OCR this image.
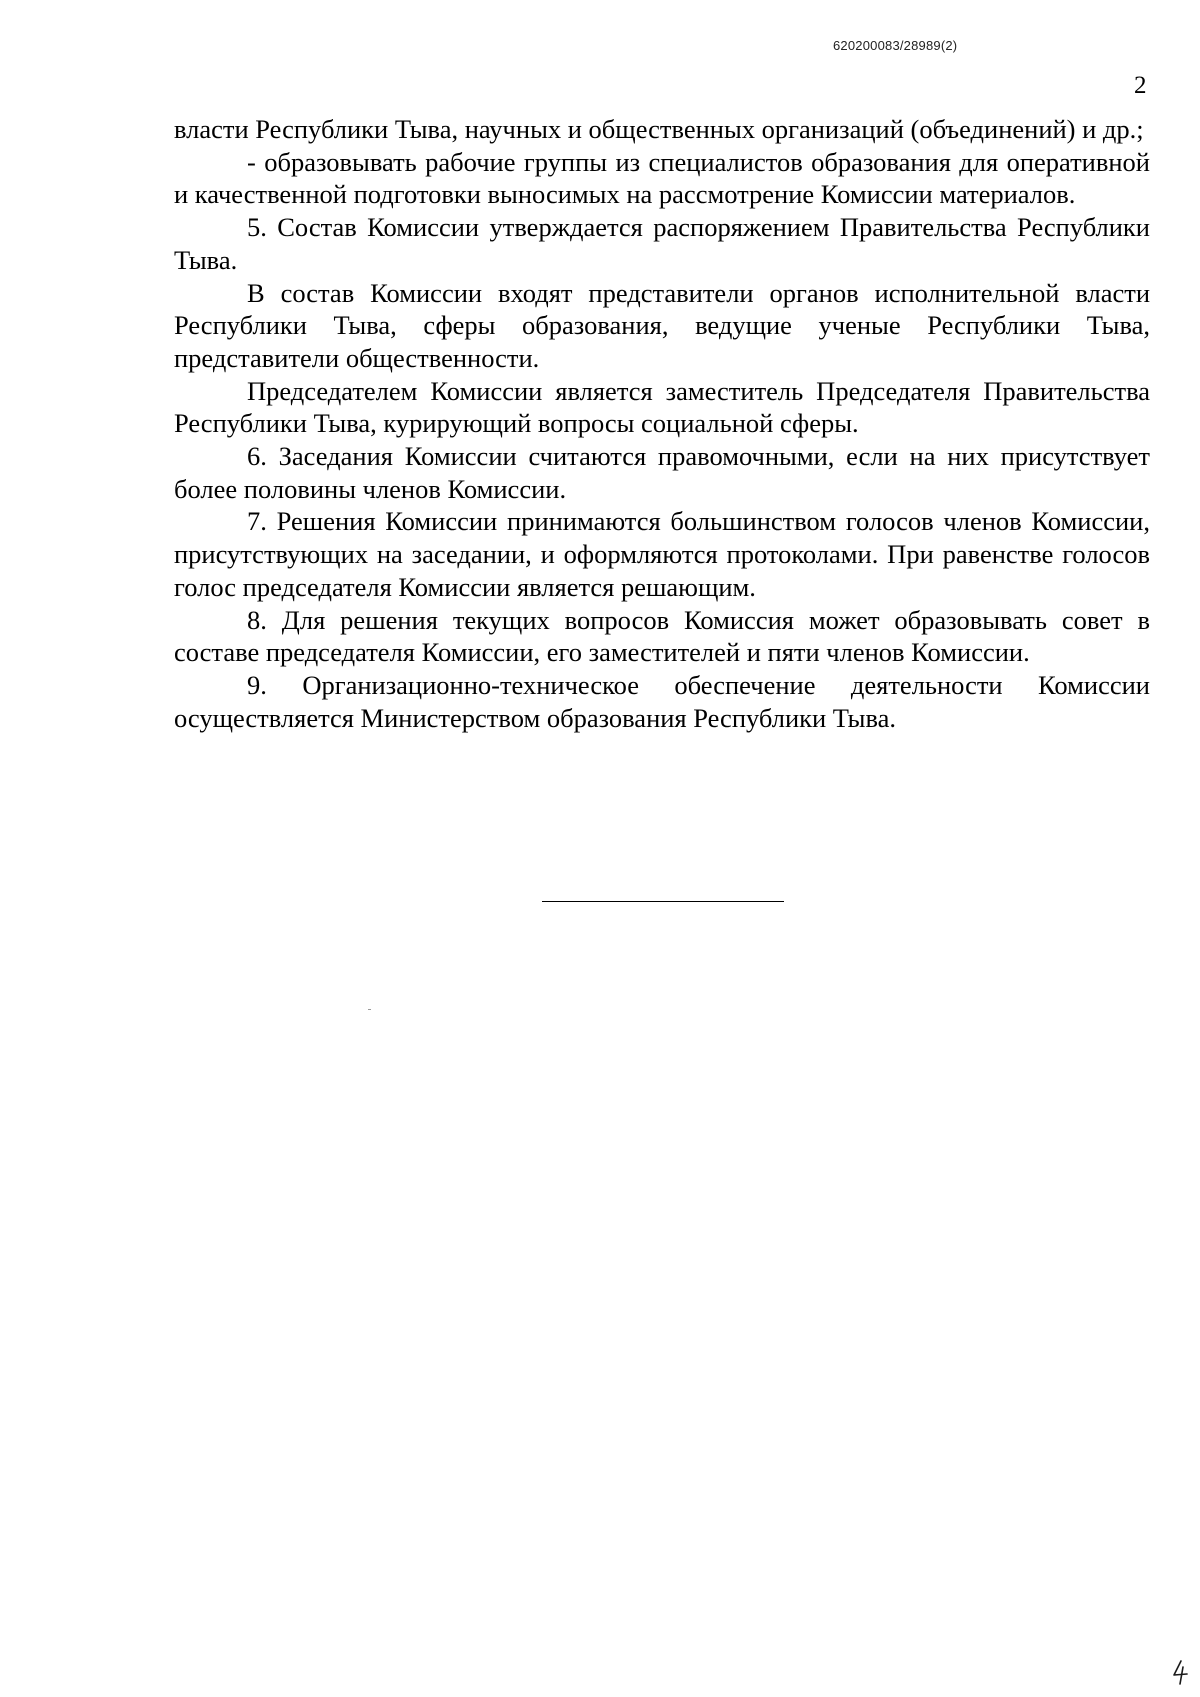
620200083/28989(2)
2

власти Республики Тыва, научных и общественных организаций (объединений) и др.;

- образовывать рабочие группы из специалистов образования для оперативной и качественной подготовки выносимых на рассмотрение Комиссии материалов.

5. Состав Комиссии утверждается распоряжением Правительства Республики Тыва.

В состав Комиссии входят представители органов исполнительной власти Республики Тыва, сферы образования, ведущие ученые Республики Тыва, представители общественности.

Председателем Комиссии является заместитель Председателя Правительства Республики Тыва, курирующий вопросы социальной сферы.

6. Заседания Комиссии считаются правомочными, если на них присутствует более половины членов Комиссии.

7. Решения Комиссии принимаются большинством голосов членов Комиссии, присутствующих на заседании, и оформляются протоколами. При равенстве голосов голос председателя Комиссии является решающим.

8. Для решения текущих вопросов Комиссия может образовывать совет в составе председателя Комиссии, его заместителей и пяти членов Комиссии.

9. Организационно-техническое обеспечение деятельности Комиссии осуществляется Министерством образования Республики Тыва.
